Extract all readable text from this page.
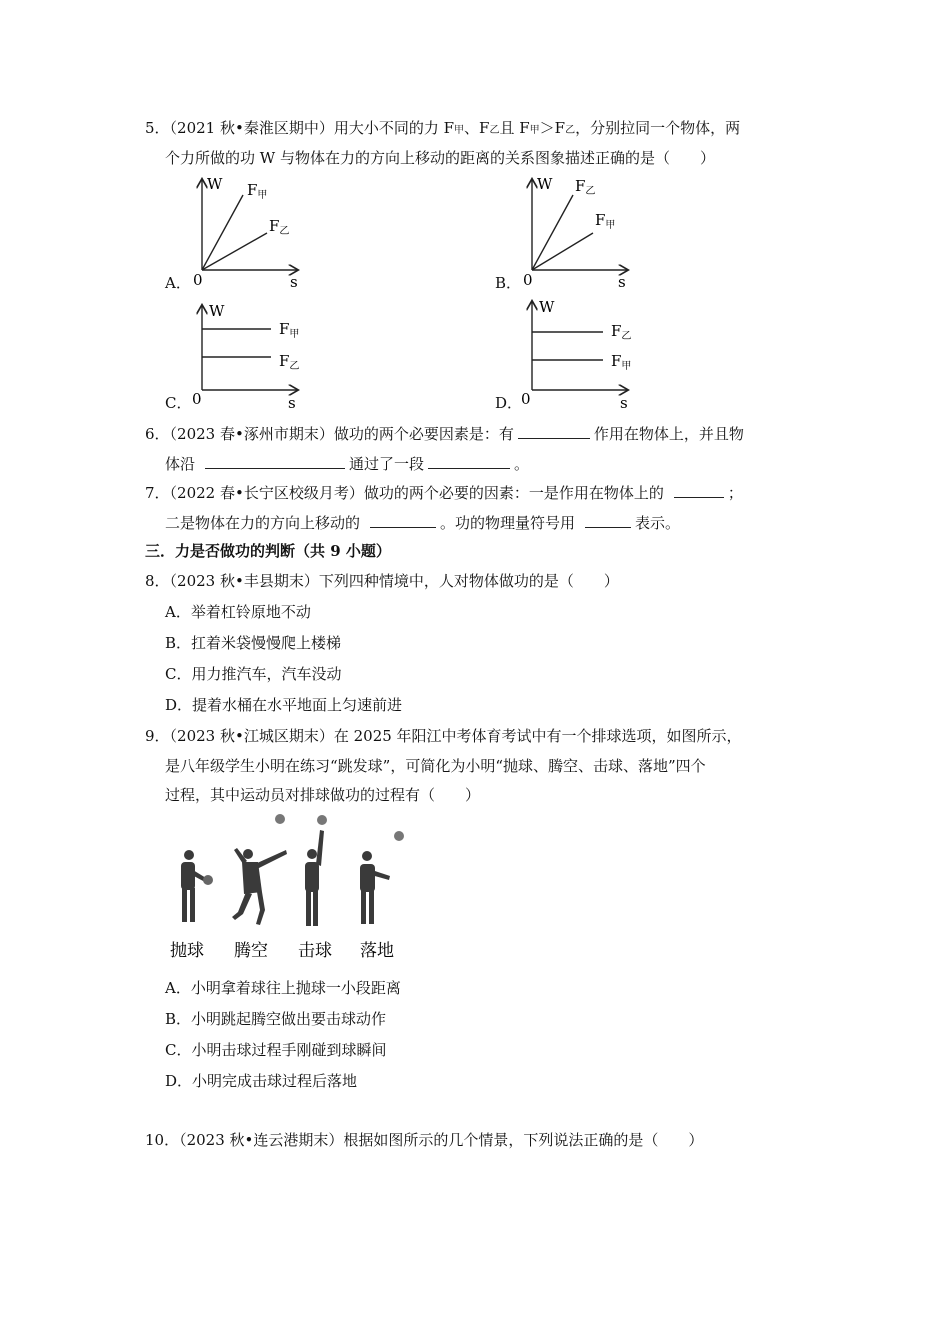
5．（2021 秋•秦淮区期中）用大小不同的力 F甲、F乙且 F甲＞F乙，分别拉同一个物体，两
个力所做的功 W 与物体在力的方向上移动的距离的关系图象描述正确的是（　　）
A．
W $F_甲$
$F_乙$
0	s	B．
W $F_乙$
$F_甲$
0	s
C．
W
$F_甲$
$F_乙$
0	s	D．
W
$F_乙$
$F_甲$
0	s
6．（2023 春•涿州市期末）做功的两个必要因素是：有	作用在物体上，并且物
体沿	通过了一段	。
7．（2022 春•长宁区校级月考）做功的两个必要的因素：一是作用在物体上的	；
二是物体在力的方向上移动的	。功的物理量符号用	表示。
三．力是否做功的判断（共 9 小题）
8．（2023 秋•丰县期末）下列四种情境中，人对物体做功的是（　　）
A．举着杠铃原地不动
B．扛着米袋慢慢爬上楼梯
C．用力推汽车，汽车没动
D．提着水桶在水平地面上匀速前进
9．（2023 秋•江城区期末）在 2025 年阳江中考体育考试中有一个排球选项，如图所示，
是八年级学生小明在练习“跳发球”，可简化为小明“抛球、腾空、击球、落地”四个
过程，其中运动员对排球做功的过程有（　　）
抛球 腾空 击球 落地
A．小明拿着球往上抛球一小段距离
B．小明跳起腾空做出要击球动作
C．小明击球过程手刚碰到球瞬间
D．小明完成击球过程后落地
10．（2023 秋•连云港期末）根据如图所示的几个情景，下列说法正确的是（　　）
